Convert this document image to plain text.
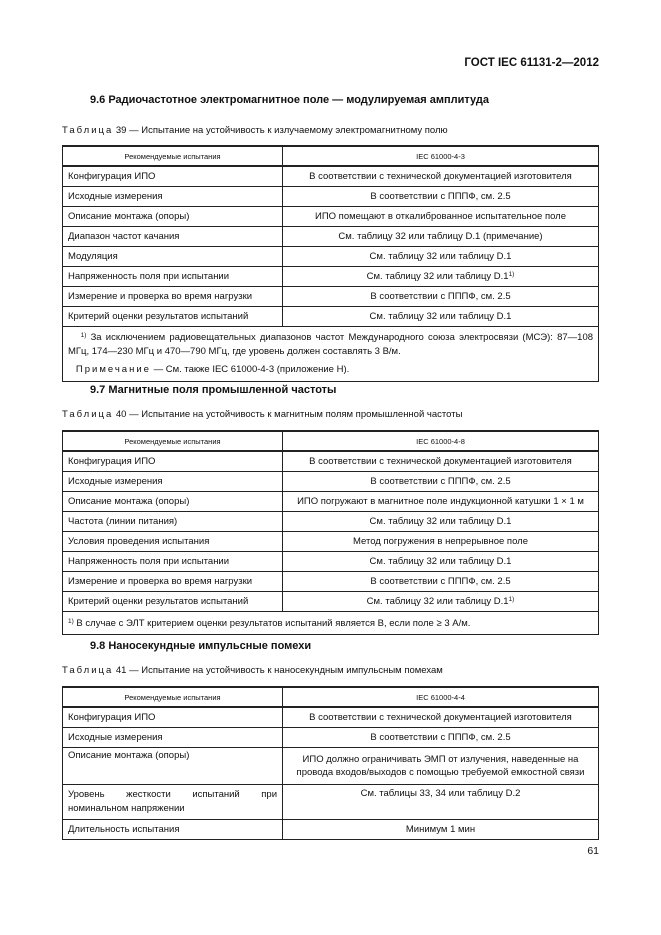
ГОСТ IEC 61131-2—2012
9.6 Радиочастотное электромагнитное поле — модулируемая амплитуда
Таблица 39 — Испытание на устойчивость к излучаемому электромагнитному полю
Рекомендуемые испытания	IEC 61000-4-3
Конфигурация ИПО	В соответствии с технической документацией изготовителя
Исходные измерения	В соответствии с ПППФ, см. 2.5
Описание монтажа (опоры)	ИПО помещают в откалиброванное испытательное поле
Диапазон частот качания	См. таблицу 32 или таблицу D.1 (примечание)
Модуляция	См. таблицу 32 или таблицу D.1
Напряженность поля при испытании	См. таблицу 32 или таблицу D.1$^{1)}$
Измерение и проверка во время нагрузки	В соответствии с ПППФ, см. 2.5
Критерий оценки результатов испытаний	См. таблицу 32 или таблицу D.1

$^{1)}$ За исключением радиовещательных диапазонов частот Международного союза электросвязи (МСЭ): 87—108 МГц, 174—230 МГц и 470—790 МГц, где уровень должен составлять 3 В/м.
Примечание — См. также IEC 61000-4-3 (приложение Н).	
9.7 Магнитные поля промышленной частоты
Таблица 40 — Испытание на устойчивость к магнитным полям промышленной частоты
Рекомендуемые испытания	IEC 61000-4-8
Конфигурация ИПО	В соответствии с технической документацией изготовителя
Исходные измерения	В соответствии с ПППФ, см. 2.5
Описание монтажа (опоры)	ИПО погружают в магнитное поле индукционной катушки 1 × 1 м
Частота (линии питания)	См. таблицу 32 или таблицу D.1
Условия проведения испытания	Метод погружения в непрерывное поле
Напряженность поля при испытании	См. таблицу 32 или таблицу D.1
Измерение и проверка во время нагрузки	В соответствии с ПППФ, см. 2.5
Критерий оценки результатов испытаний	См. таблицу 32 или таблицу D.1$^{1)}$
$^{1)}$ В случае с ЭЛТ критерием оценки результатов испытаний является В, если поле ≥ 3 А/м.	
9.8 Наносекундные импульсные помехи
Таблица 41 — Испытание на устойчивость к наносекундным импульсным помехам
Рекомендуемые испытания	IEC 61000-4-4
Конфигурация ИПО	В соответствии с технической документацией изготовителя
Исходные измерения	В соответствии с ПППФ, см. 2.5
Описание монтажа (опоры)	ИПО должно ограничивать ЭМП от излучения, наведенные на провода входов/выходов с помощью требуемой емкостной связи
Уровень жесткости испытаний при номинальном напряжении	См. таблицы 33, 34 или таблицу D.2
Длительность испытания	Минимум 1 мин
61
